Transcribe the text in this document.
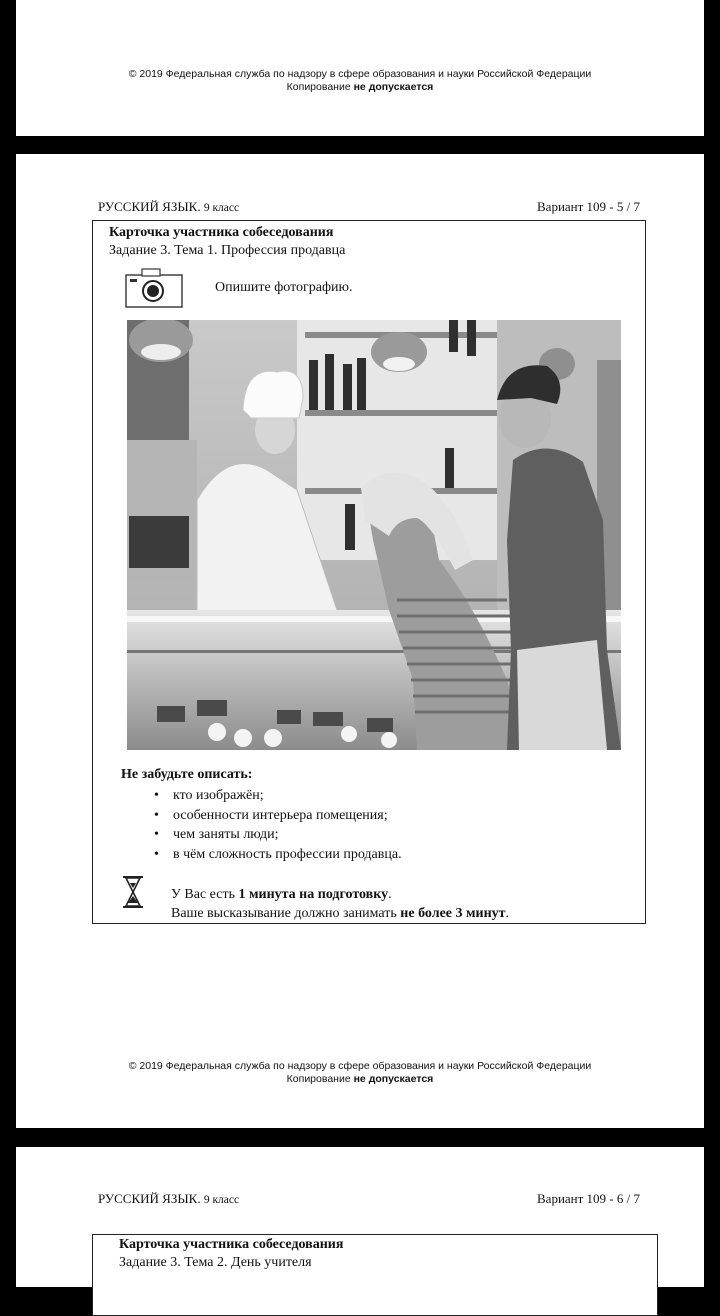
© 2019 Федеральная служба по надзору в сфере образования и науки Российской Федерации
Копирование не допускается
РУССКИЙ ЯЗЫК. 9 класс	Вариант 109 - 5 / 7
Карточка участника собеседования
Задание 3. Тема 1. Профессия продавца
Опишите фотографию.
Не забудьте описать:
• кто изображён;
• особенности интерьера помещения;
• чем заняты люди;
• в чём сложность профессии продавца.
У Вас есть 1 минута на подготовку.
Ваше высказывание должно занимать не более 3 минут.
© 2019 Федеральная служба по надзору в сфере образования и науки Российской Федерации
Копирование не допускается
РУССКИЙ ЯЗЫК. 9 класс	Вариант 109 - 6 / 7
Карточка участника собеседования
Задание 3. Тема 2. День учителя
